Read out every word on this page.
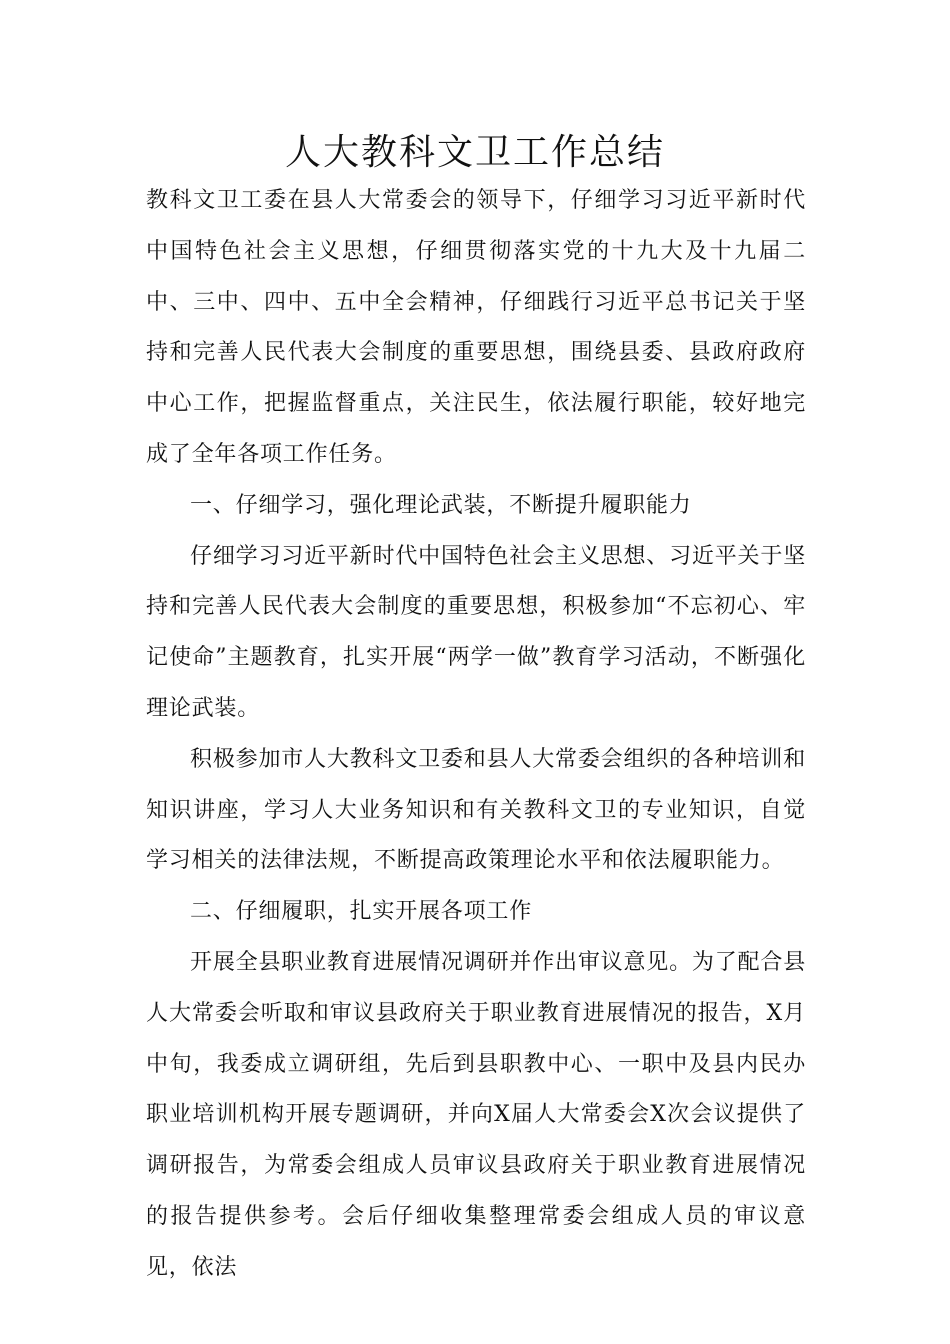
人大教科文卫工作总结

教科文卫工委在县人大常委会的领导下，仔细学习习近平新时代中国特色社会主义思想，仔细贯彻落实党的十九大及十九届二中、三中、四中、五中全会精神，仔细践行习近平总书记关于坚持和完善人民代表大会制度的重要思想，围绕县委、县政府政府中心工作，把握监督重点，关注民生，依法履行职能，较好地完成了全年各项工作任务。

一、仔细学习，强化理论武装，不断提升履职能力

仔细学习习近平新时代中国特色社会主义思想、习近平关于坚持和完善人民代表大会制度的重要思想，积极参加“不忘初心、牢记使命”主题教育，扎实开展“两学一做”教育学习活动，不断强化理论武装。

积极参加市人大教科文卫委和县人大常委会组织的各种培训和知识讲座，学习人大业务知识和有关教科文卫的专业知识，自觉学习相关的法律法规，不断提高政策理论水平和依法履职能力。

二、仔细履职，扎实开展各项工作

开展全县职业教育进展情况调研并作出审议意见。为了配合县人大常委会听取和审议县政府关于职业教育进展情况的报告，X月中旬，我委成立调研组，先后到县职教中心、一职中及县内民办职业培训机构开展专题调研，并向X届人大常委会X次会议提供了调研报告，为常委会组成人员审议县政府关于职业教育进展情况的报告提供参考。会后仔细收集整理常委会组成人员的审议意见，依法
